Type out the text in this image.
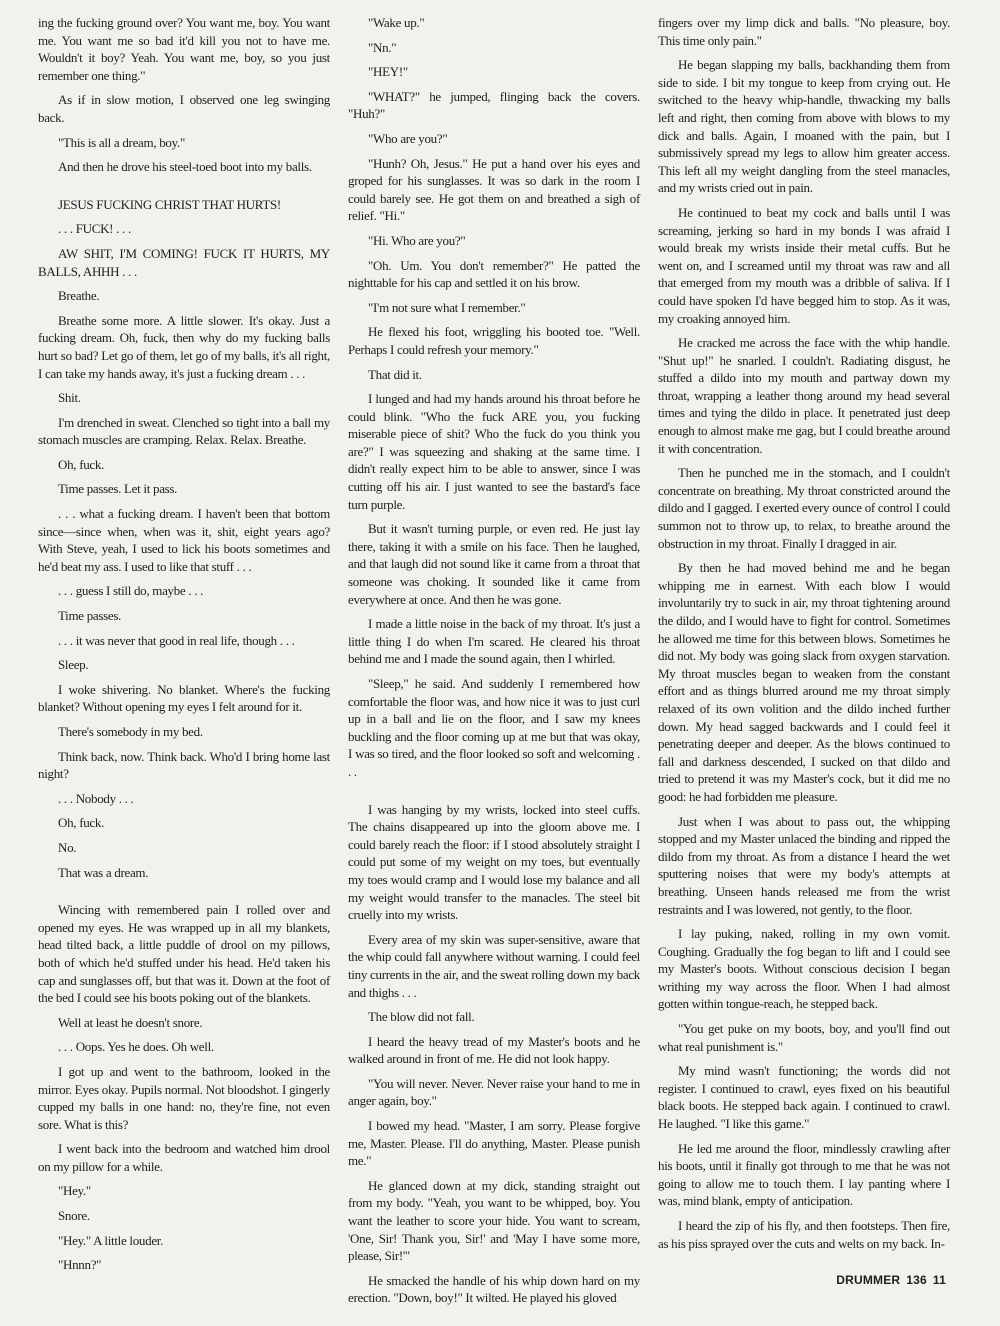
ing the fucking ground over? You want me, boy. You want me. You want me so bad it'd kill you not to have me. Wouldn't it boy? Yeah. You want me, boy, so you just remember one thing."

As if in slow motion, I observed one leg swinging back.

"This is all a dream, boy."

And then he drove his steel-toed boot into my balls.

JESUS FUCKING CHRIST THAT HURTS!

. . . FUCK! . . .

AW SHIT, I'M COMING! FUCK IT HURTS, MY BALLS, AHHH . . .

Breathe.

Breathe some more. A little slower. It's okay. Just a fucking dream. Oh, fuck, then why do my fucking balls hurt so bad? Let go of them, let go of my balls, it's all right, I can take my hands away, it's just a fucking dream . . .

Shit.

I'm drenched in sweat. Clenched so tight into a ball my stomach muscles are cramping. Relax. Relax. Breathe.

Oh, fuck.

Time passes. Let it pass.

. . . what a fucking dream. I haven't been that bottom since—since when, when was it, shit, eight years ago? With Steve, yeah, I used to lick his boots sometimes and he'd beat my ass. I used to like that stuff . . .

. . . guess I still do, maybe . . .

Time passes.

. . . it was never that good in real life, though . . .

Sleep.

I woke shivering. No blanket. Where's the fucking blanket? Without opening my eyes I felt around for it.

There's somebody in my bed.

Think back, now. Think back. Who'd I bring home last night?

. . . Nobody . . .

Oh, fuck.

No.

That was a dream.

Wincing with remembered pain I rolled over and opened my eyes. He was wrapped up in all my blankets, head tilted back, a little puddle of drool on my pillows, both of which he'd stuffed under his head. He'd taken his cap and sunglasses off, but that was it. Down at the foot of the bed I could see his boots poking out of the blankets.

Well at least he doesn't snore.

. . . Oops. Yes he does. Oh well.

I got up and went to the bathroom, looked in the mirror. Eyes okay. Pupils normal. Not bloodshot. I gingerly cupped my balls in one hand: no, they're fine, not even sore. What is this?

I went back into the bedroom and watched him drool on my pillow for a while.

"Hey."

Snore.

"Hey." A little louder.

"Hnnn?"

"Wake up."

"Nn."

"HEY!"

"WHAT?" he jumped, flinging back the covers. "Huh?"

"Who are you?"

"Hunh? Oh, Jesus." He put a hand over his eyes and groped for his sunglasses. It was so dark in the room I could barely see. He got them on and breathed a sigh of relief. "Hi."

"Hi. Who are you?"

"Oh. Um. You don't remember?" He patted the nighttable for his cap and settled it on his brow.

"I'm not sure what I remember."

He flexed his foot, wriggling his booted toe. "Well. Perhaps I could refresh your memory."

That did it.

I lunged and had my hands around his throat before he could blink. "Who the fuck ARE you, you fucking miserable piece of shit? Who the fuck do you think you are?" I was squeezing and shaking at the same time. I didn't really expect him to be able to answer, since I was cutting off his air. I just wanted to see the bastard's face turn purple.

But it wasn't turning purple, or even red. He just lay there, taking it with a smile on his face. Then he laughed, and that laugh did not sound like it came from a throat that someone was choking. It sounded like it came from everywhere at once. And then he was gone.

I made a little noise in the back of my throat. It's just a little thing I do when I'm scared. He cleared his throat behind me and I made the sound again, then I whirled.

"Sleep," he said. And suddenly I remembered how comfortable the floor was, and how nice it was to just curl up in a ball and lie on the floor, and I saw my knees buckling and the floor coming up at me but that was okay, I was so tired, and the floor looked so soft and welcoming . . .

I was hanging by my wrists, locked into steel cuffs. The chains disappeared up into the gloom above me. I could barely reach the floor: if I stood absolutely straight I could put some of my weight on my toes, but eventually my toes would cramp and I would lose my balance and all my weight would transfer to the manacles. The steel bit cruelly into my wrists.

Every area of my skin was super-sensitive, aware that the whip could fall anywhere without warning. I could feel tiny currents in the air, and the sweat rolling down my back and thighs . . .

The blow did not fall.

I heard the heavy tread of my Master's boots and he walked around in front of me. He did not look happy.

"You will never. Never. Never raise your hand to me in anger again, boy."

I bowed my head. "Master, I am sorry. Please forgive me, Master. Please. I'll do anything, Master. Please punish me."

He glanced down at my dick, standing straight out from my body. "Yeah, you want to be whipped, boy. You want the leather to score your hide. You want to scream, 'One, Sir! Thank you, Sir!' and 'May I have some more, please, Sir!'"

He smacked the handle of his whip down hard on my erection. "Down, boy!" It wilted. He played his gloved

fingers over my limp dick and balls. "No pleasure, boy. This time only pain."

He began slapping my balls, backhanding them from side to side. I bit my tongue to keep from crying out. He switched to the heavy whip-handle, thwacking my balls left and right, then coming from above with blows to my dick and balls. Again, I moaned with the pain, but I submissively spread my legs to allow him greater access. This left all my weight dangling from the steel manacles, and my wrists cried out in pain.

He continued to beat my cock and balls until I was screaming, jerking so hard in my bonds I was afraid I would break my wrists inside their metal cuffs. But he went on, and I screamed until my throat was raw and all that emerged from my mouth was a dribble of saliva. If I could have spoken I'd have begged him to stop. As it was, my croaking annoyed him.

He cracked me across the face with the whip handle. "Shut up!" he snarled. I couldn't. Radiating disgust, he stuffed a dildo into my mouth and partway down my throat, wrapping a leather thong around my head several times and tying the dildo in place. It penetrated just deep enough to almost make me gag, but I could breathe around it with concentration.

Then he punched me in the stomach, and I couldn't concentrate on breathing. My throat constricted around the dildo and I gagged. I exerted every ounce of control I could summon not to throw up, to relax, to breathe around the obstruction in my throat. Finally I dragged in air.

By then he had moved behind me and he began whipping me in earnest. With each blow I would involuntarily try to suck in air, my throat tightening around the dildo, and I would have to fight for control. Sometimes he allowed me time for this between blows. Sometimes he did not. My body was going slack from oxygen starvation. My throat muscles began to weaken from the constant effort and as things blurred around me my throat simply relaxed of its own volition and the dildo inched further down. My head sagged backwards and I could feel it penetrating deeper and deeper. As the blows continued to fall and darkness descended, I sucked on that dildo and tried to pretend it was my Master's cock, but it did me no good: he had forbidden me pleasure.

Just when I was about to pass out, the whipping stopped and my Master unlaced the binding and ripped the dildo from my throat. As from a distance I heard the wet sputtering noises that were my body's attempts at breathing. Unseen hands released me from the wrist restraints and I was lowered, not gently, to the floor.

I lay puking, naked, rolling in my own vomit. Coughing. Gradually the fog began to lift and I could see my Master's boots. Without conscious decision I began writhing my way across the floor. When I had almost gotten within tongue-reach, he stepped back.

"You get puke on my boots, boy, and you'll find out what real punishment is."

My mind wasn't functioning; the words did not register. I continued to crawl, eyes fixed on his beautiful black boots. He stepped back again. I continued to crawl. He laughed. "I like this game."

He led me around the floor, mindlessly crawling after his boots, until it finally got through to me that he was not going to allow me to touch them. I lay panting where I was, mind blank, empty of anticipation.

I heard the zip of his fly, and then footsteps. Then fire, as his piss sprayed over the cuts and welts on my back. In-

DRUMMER 136 11
